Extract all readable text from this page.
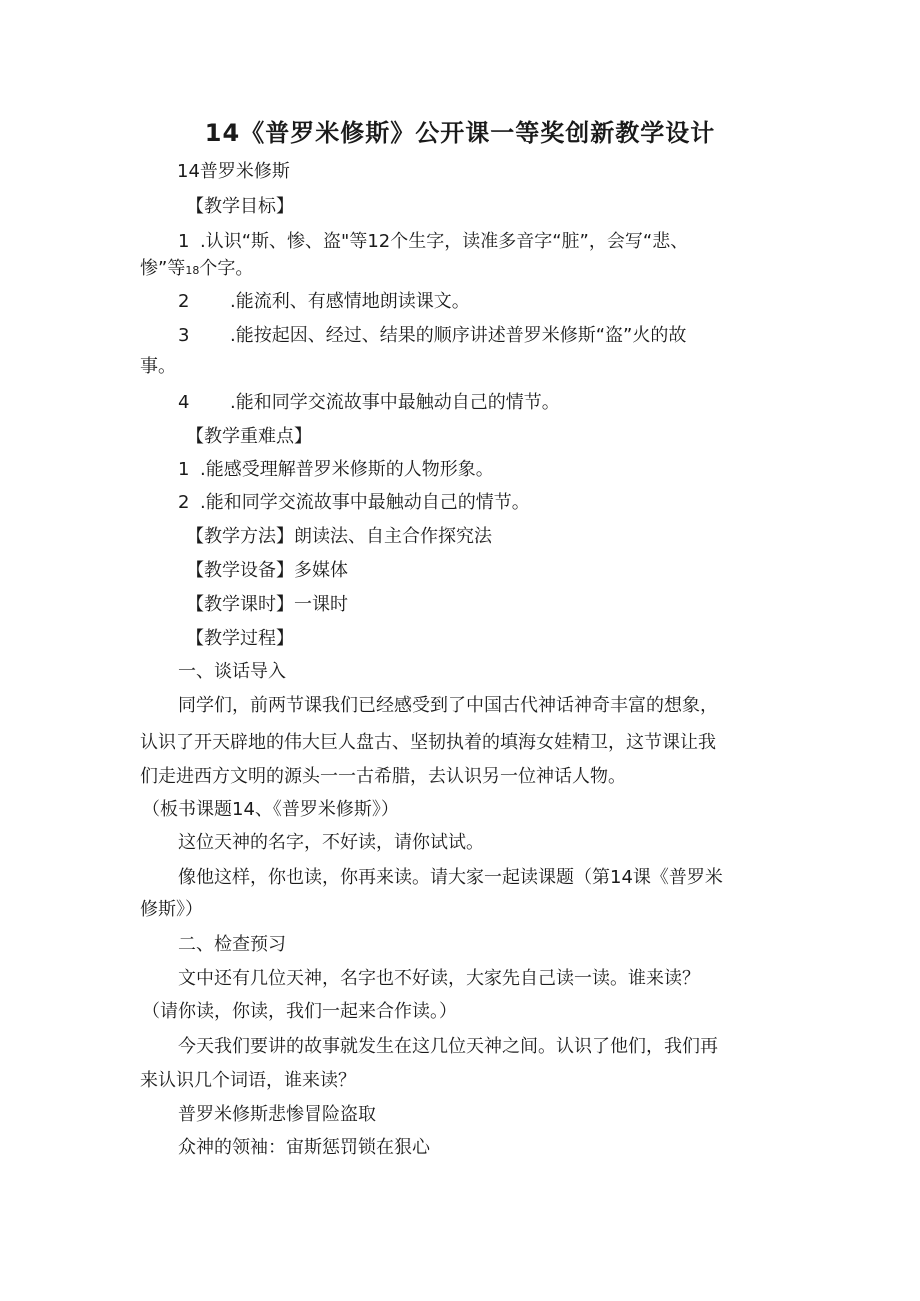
14《普罗米修斯》公开课一等奖创新教学设计

14普罗米修斯

【教学目标】

1 .认识“斯、惨、盗"等12个生字，读准多音字“脏”，会写“悲、

惨”等18个字。

2 .能流利、有感情地朗读课文。

3 .能按起因、经过、结果的顺序讲述普罗米修斯“盗”火的故

事。

4 .能和同学交流故事中最触动自己的情节。

【教学重难点】

1 .能感受理解普罗米修斯的人物形象。

2 .能和同学交流故事中最触动自己的情节。

【教学方法】朗读法、自主合作探究法

【教学设备】多媒体

【教学课时】一课时

【教学过程】

一、谈话导入

同学们，前两节课我们已经感受到了中国古代神话神奇丰富的想象，

认识了开天辟地的伟大巨人盘古、坚韧执着的填海女娃精卫，这节课让我

们走进西方文明的源头一一古希腊，去认识另一位神话人物。

（板书课题14、《普罗米修斯》）

这位天神的名字，不好读，请你试试。

像他这样，你也读，你再来读。请大家一起读课题（第14课《普罗米

修斯》）

二、检查预习

文中还有几位天神，名字也不好读，大家先自己读一读。谁来读？

（请你读，你读，我们一起来合作读。）

今天我们要讲的故事就发生在这几位天神之间。认识了他们，我们再

来认识几个词语，谁来读？

普罗米修斯悲惨冒险盗取

众神的领袖：宙斯惩罚锁在狠心
